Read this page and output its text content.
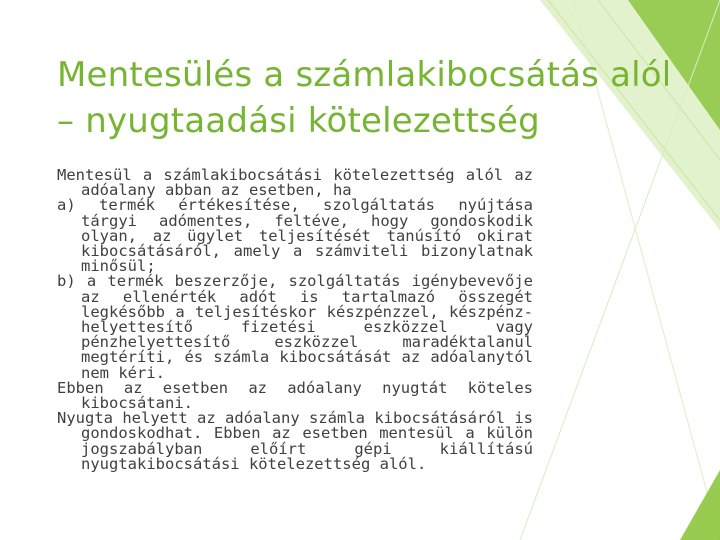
Mentesülés a számlakibocsátás alól – nyugtaadási kötelezettség

Mentesül a számlakibocsátási kötelezettség alól az adóalany abban az esetben, ha

a) termék értékesítése, szolgáltatás nyújtása tárgyi adómentes, feltéve, hogy gondoskodik olyan, az ügylet teljesítését tanúsító okirat kibocsátásáról, amely a számviteli bizonylatnak minősül;

b) a termék beszerzője, szolgáltatás igénybevevője az ellenérték adót is tartalmazó összegét legkésőbb a teljesítéskor készpénzzel, készpénz-helyettesítő fizetési eszközzel vagy pénzhelyettesítő eszközzel maradéktalanul megtéríti, és számla kibocsátását az adóalanytól nem kéri.

Ebben az esetben az adóalany nyugtát köteles kibocsátani.

Nyugta helyett az adóalany számla kibocsátásáról is gondoskodhat. Ebben az esetben mentesül a külön jogszabályban előírt gépi kiállítású nyugtakibocsátási kötelezettség alól.
